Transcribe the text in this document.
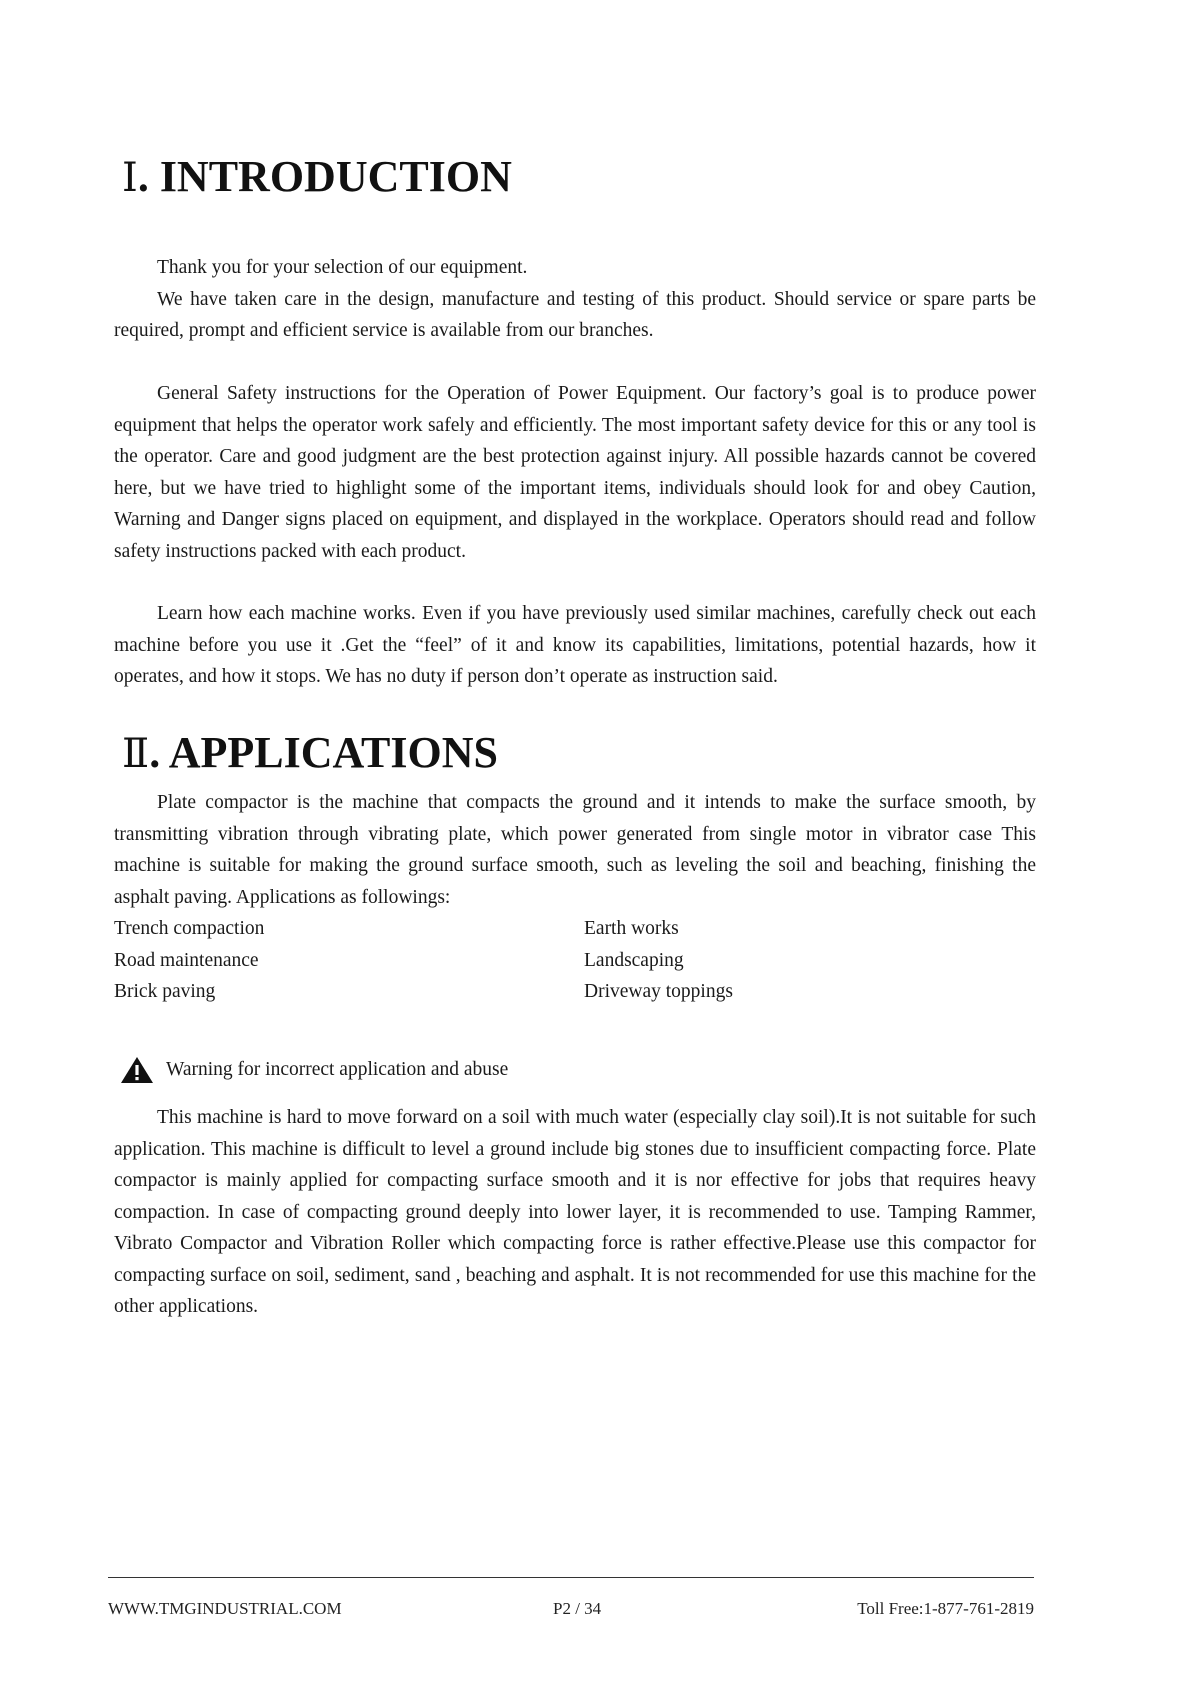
Ⅰ. INTRODUCTION

Thank you for your selection of our equipment.

We have taken care in the design, manufacture and testing of this product. Should service or spare parts be required, prompt and efficient service is available from our branches.

General Safety instructions for the Operation of Power Equipment. Our factory’s goal is to produce power equipment that helps the operator work safely and efficiently. The most important safety device for this or any tool is the operator. Care and good judgment are the best protection against injury. All possible hazards cannot be covered here, but we have tried to highlight some of the important items, individuals should look for and obey Caution, Warning and Danger signs placed on equipment, and displayed in the workplace. Operators should read and follow safety instructions packed with each product.

Learn how each machine works. Even if you have previously used similar machines, carefully check out each machine before you use it .Get the “feel” of it and know its capabilities, limitations, potential hazards, how it operates, and how it stops. We has no duty if person don’t operate as instruction said.

Ⅱ. APPLICATIONS

Plate compactor is the machine that compacts the ground and it intends to make the surface smooth, by transmitting vibration through vibrating plate, which power generated from single motor in vibrator case This machine is suitable for making the ground surface smooth, such as leveling the soil and beaching, finishing the asphalt paving. Applications as followings:

Trench compaction	Earth works
Road maintenance	Landscaping
Brick paving	Driveway toppings
Warning for incorrect application and abuse

This machine is hard to move forward on a soil with much water (especially clay soil).It is not suitable for such application. This machine is difficult to level a ground include big stones due to insufficient compacting force. Plate compactor is mainly applied for compacting surface smooth and it is nor effective for jobs that requires heavy compaction. In case of compacting ground deeply into lower layer, it is recommended to use. Tamping Rammer, Vibrato Compactor and Vibration Roller which compacting force is rather effective.Please use this compactor for compacting surface on soil, sediment, sand , beaching and asphalt. It is not recommended for use this machine for the other applications.

WWW.TMGINDUSTRIAL.COM	P2 / 34	Toll Free:1-877-761-2819
